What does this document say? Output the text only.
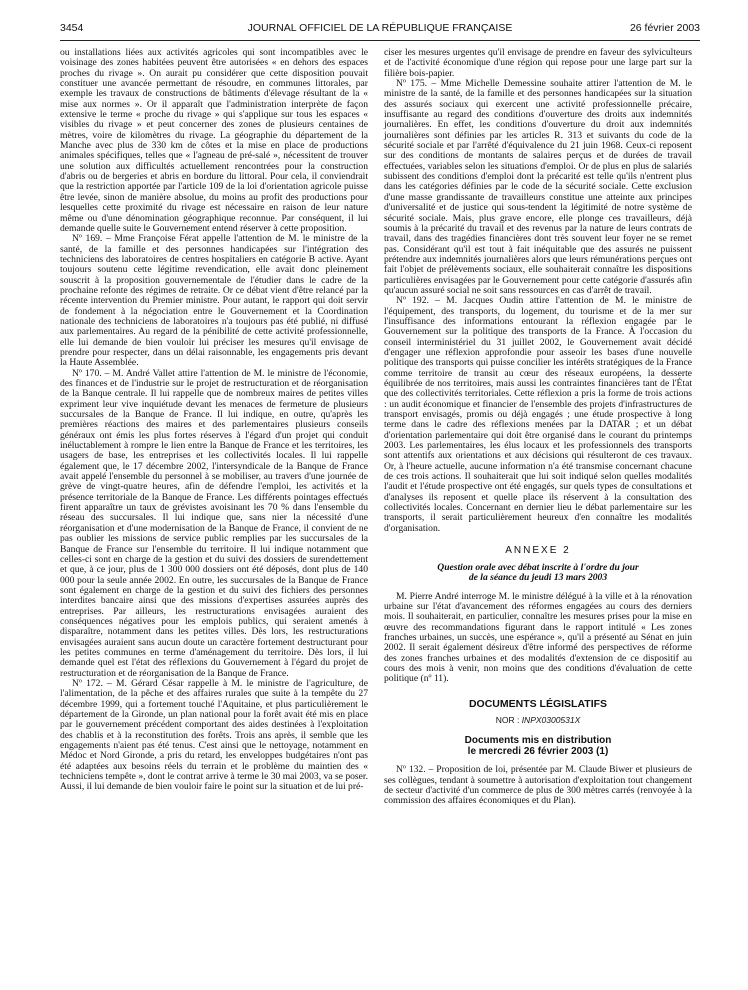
3454	JOURNAL OFFICIEL DE LA RÉPUBLIQUE FRANÇAISE	26 février 2003

ou installations liées aux activités agricoles qui sont incompatibles avec le voisinage des zones habitées peuvent être autorisées « en dehors des espaces proches du rivage ». On aurait pu considérer que cette disposition pouvait constituer une avancée permettant de résoudre, en communes littorales, par exemple les travaux de constructions de bâtiments d'élevage résultant de la « mise aux normes ». Or il apparaît que l'administration interprète de façon extensive le terme « proche du rivage » qui s'applique sur tous les espaces « visibles du rivage » et peut concerner des zones de plusieurs centaines de mètres, voire de kilomètres du rivage. La géographie du département de la Manche avec plus de 330 km de côtes et la mise en place de productions animales spécifiques, telles que « l'agneau de pré-salé », nécessitent de trouver une solution aux difficultés actuellement rencontrées pour la construction d'abris ou de bergeries et abris en bordure du littoral. Pour cela, il conviendrait que la restriction apportée par l'article 109 de la loi d'orientation agricole puisse être levée, sinon de manière absolue, du moins au profit des productions pour lesquelles cette proximité du rivage est nécessaire en raison de leur nature même ou d'une dénomination géographique reconnue. Par conséquent, il lui demande quelle suite le Gouvernement entend réserver à cette proposition.

Nº 169. – Mme Françoise Férat appelle l'attention de M. le ministre de la santé, de la famille et des personnes handicapées sur l'intégration des techniciens des laboratoires de centres hospitaliers en catégorie B active. Ayant toujours soutenu cette légitime revendication, elle avait donc pleinement souscrit à la proposition gouvernementale de l'étudier dans le cadre de la prochaine refonte des régimes de retraite. Or ce débat vient d'être relancé par la récente intervention du Premier ministre. Pour autant, le rapport qui doit servir de fondement à la négociation entre le Gouvernement et la Coordination nationale des techniciens de laboratoires n'a toujours pas été publié, ni diffusé aux parlementaires. Au regard de la pénibilité de cette activité professionnelle, elle lui demande de bien vouloir lui préciser les mesures qu'il envisage de prendre pour respecter, dans un délai raisonnable, les engagements pris devant la Haute Assemblée.

Nº 170. – M. André Vallet attire l'attention de M. le ministre de l'économie, des finances et de l'industrie sur le projet de restructuration et de réorganisation de la Banque centrale. Il lui rappelle que de nombreux maires de petites villes expriment leur vive inquiétude devant les menaces de fermeture de plusieurs succursales de la Banque de France. Il lui indique, en outre, qu'après les premières réactions des maires et des parlementaires plusieurs conseils généraux ont émis les plus fortes réserves à l'égard d'un projet qui conduit inéluctablement à rompre le lien entre la Banque de France et les territoires, les usagers de base, les entreprises et les collectivités locales. Il lui rappelle également que, le 17 décembre 2002, l'intersyndicale de la Banque de France avait appelé l'ensemble du personnel à se mobiliser, au travers d'une journée de grève de vingt-quatre heures, afin de défendre l'emploi, les activités et la présence territoriale de la Banque de France. Les différents pointages effectués firent apparaître un taux de grévistes avoisinant les 70 % dans l'ensemble du réseau des succursales. Il lui indique que, sans nier la nécessité d'une réorganisation et d'une modernisation de la Banque de France, il convient de ne pas oublier les missions de service public remplies par les succursales de la Banque de France sur l'ensemble du territoire. Il lui indique notamment que celles-ci sont en charge de la gestion et du suivi des dossiers de surendettement et que, à ce jour, plus de 1 300 000 dossiers ont été déposés, dont plus de 140 000 pour la seule année 2002. En outre, les succursales de la Banque de France sont également en charge de la gestion et du suivi des fichiers des personnes interdites bancaire ainsi que des missions d'expertises assurées auprès des entreprises. Par ailleurs, les restructurations envisagées auraient des conséquences négatives pour les emplois publics, qui seraient amenés à disparaître, notamment dans les petites villes. Dès lors, les restructurations envisagées auraient sans aucun doute un caractère fortement destructurant pour les petites communes en terme d'aménagement du territoire. Dès lors, il lui demande quel est l'état des réflexions du Gouvernement à l'égard du projet de restructuration et de réorganisation de la Banque de France.

Nº 172. – M. Gérard César rappelle à M. le ministre de l'agriculture, de l'alimentation, de la pêche et des affaires rurales que suite à la tempête du 27 décembre 1999, qui a fortement touché l'Aquitaine, et plus particulièrement le département de la Gironde, un plan national pour la forêt avait été mis en place par le gouvernement précédent comportant des aides destinées à l'exploitation des chablis et à la reconstitution des forêts. Trois ans après, il semble que les engagements n'aient pas été tenus. C'est ainsi que le nettoyage, notamment en Médoc et Nord Gironde, a pris du retard, les enveloppes budgétaires n'ont pas été adaptées aux besoins réels du terrain et le problème du maintien des « techniciens tempête », dont le contrat arrive à terme le 30 mai 2003, va se poser. Aussi, il lui demande de bien vouloir faire le point sur la situation et de lui pré-

ciser les mesures urgentes qu'il envisage de prendre en faveur des sylviculteurs et de l'activité économique d'une région qui repose pour une large part sur la filière bois-papier.

Nº 175. – Mme Michelle Demessine souhaite attirer l'attention de M. le ministre de la santé, de la famille et des personnes handicapées sur la situation des assurés sociaux qui exercent une activité professionnelle précaire, insuffisante au regard des conditions d'ouverture des droits aux indemnités journalières. En effet, les conditions d'ouverture du droit aux indemnités journalières sont définies par les articles R. 313 et suivants du code de la sécurité sociale et par l'arrêté d'équivalence du 21 juin 1968. Ceux-ci reposent sur des conditions de montants de salaires perçus et de durées de travail effectuées, variables selon les situations d'emploi. Or de plus en plus de salariés subissent des conditions d'emploi dont la précarité est telle qu'ils n'entrent plus dans les catégories définies par le code de la sécurité sociale. Cette exclusion d'une masse grandissante de travailleurs constitue une atteinte aux principes d'universalité et de justice qui sous-tendent la légitimité de notre système de sécurité sociale. Mais, plus grave encore, elle plonge ces travailleurs, déjà soumis à la précarité du travail et des revenus par la nature de leurs contrats de travail, dans des tragédies financières dont très souvent leur foyer ne se remet pas. Considérant qu'il est tout à fait inéquitable que des assurés ne puissent prétendre aux indemnités journalières alors que leurs rémunérations perçues ont fait l'objet de prélèvements sociaux, elle souhaiterait connaître les dispositions particulières envisagées par le Gouvernement pour cette catégorie d'assurés afin qu'aucun assuré social ne soit sans ressources en cas d'arrêt de travail.

Nº 192. – M. Jacques Oudin attire l'attention de M. le ministre de l'équipement, des transports, du logement, du tourisme et de la mer sur l'insuffisance des informations entourant la réflexion engagée par le Gouvernement sur la politique des transports de la France. À l'occasion du conseil interministériel du 31 juillet 2002, le Gouvernement avait décidé d'engager une réflexion approfondie pour asseoir les bases d'une nouvelle politique des transports qui puisse concilier les intérêts stratégiques de la France comme territoire de transit au cœur des réseaux européens, la desserte équilibrée de nos territoires, mais aussi les contraintes financières tant de l'État que des collectivités territoriales. Cette réflexion a pris la forme de trois actions : un audit économique et financier de l'ensemble des projets d'infrastructures de transport envisagés, promis ou déjà engagés ; une étude prospective à long terme dans le cadre des réflexions menées par la DATAR ; et un débat d'orientation parlementaire qui doit être organisé dans le courant du printemps 2003. Les parlementaires, les élus locaux et les professionnels des transports sont attentifs aux orientations et aux décisions qui résulteront de ces travaux. Or, à l'heure actuelle, aucune information n'a été transmise concernant chacune de ces trois actions. Il souhaiterait que lui soit indiqué selon quelles modalités l'audit et l'étude prospective ont été engagés, sur quels types de consultations et d'analyses ils reposent et quelle place ils réservent à la consultation des collectivités locales. Concernant en dernier lieu le débat parlementaire sur les transports, il serait particulièrement heureux d'en connaître les modalités d'organisation.

ANNEXE 2
Question orale avec débat inscrite à l'ordre du jour
de la séance du jeudi 13 mars 2003

M. Pierre André interroge M. le ministre délégué à la ville et à la rénovation urbaine sur l'état d'avancement des réformes engagées au cours des derniers mois. Il souhaiterait, en particulier, connaître les mesures prises pour la mise en œuvre des recommandations figurant dans le rapport intitulé « Les zones franches urbaines, un succès, une espérance », qu'il a présenté au Sénat en juin 2002. Il serait également désireux d'être informé des perspectives de réforme des zones franches urbaines et des modalités d'extension de ce dispositif au cours des mois à venir, non moins que des conditions d'évaluation de cette politique (nº 11).

DOCUMENTS LÉGISLATIFS
NOR : INPX0300531X
Documents mis en distribution
le mercredi 26 février 2003 (1)

Nº 132. – Proposition de loi, présentée par M. Claude Biwer et plusieurs de ses collègues, tendant à soumettre à autorisation d'exploitation tout changement de secteur d'activité d'un commerce de plus de 300 mètres carrés (renvoyée à la commission des affaires économiques et du Plan).
